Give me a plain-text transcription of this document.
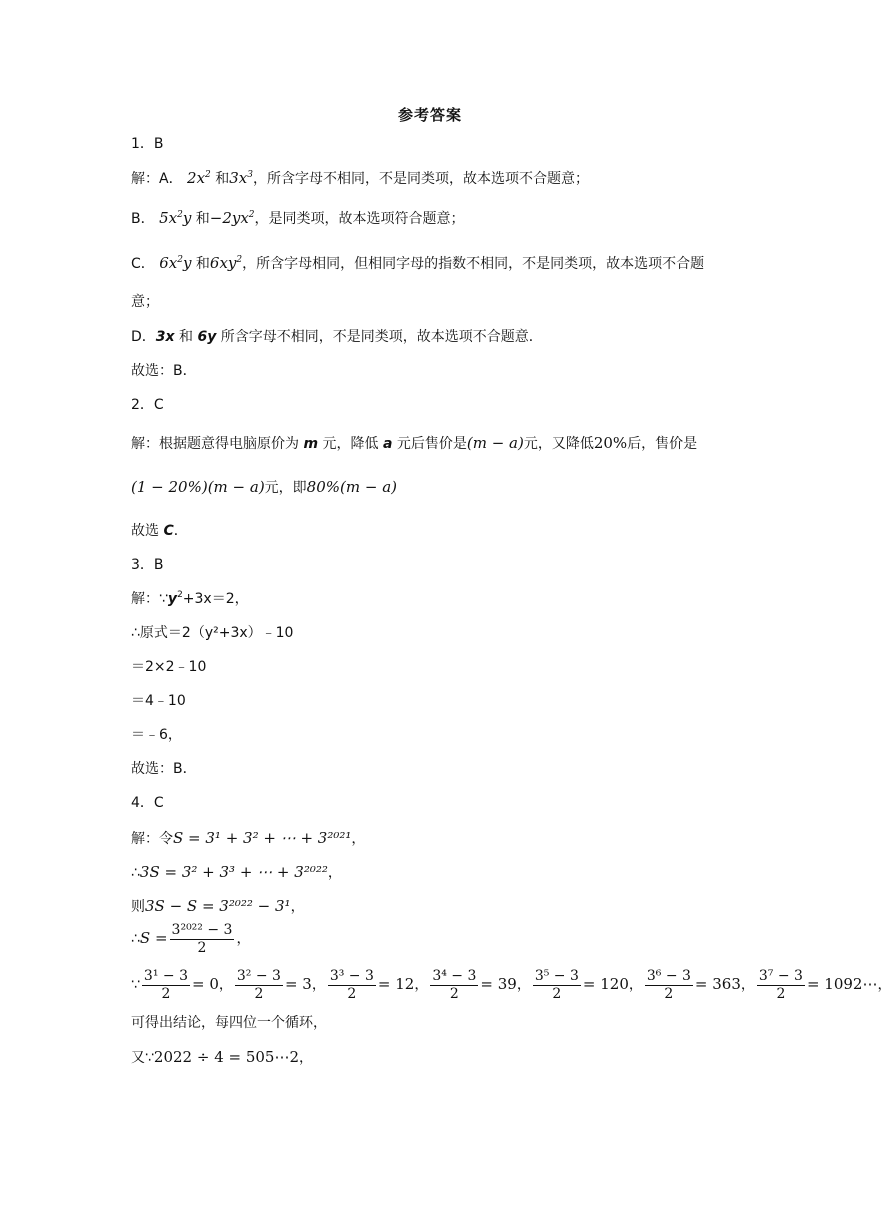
参考答案
1．B
解：A． $2x^2$ 和$3x^3$，所含字母不相同，不是同类项，故本选项不合题意；
B． $5x^2y$ 和$-2yx^2$，是同类项，故本选项符合题意；
C． $6x^2y$ 和$6xy^2$，所含字母相同，但相同字母的指数不相同，不是同类项，故本选项不合题
意；
D．3x 和 6y 所含字母不相同，不是同类项，故本选项不合题意．
故选：B．
2．C
解：根据题意得电脑原价为 m 元，降低 a 元后售价是(m − a)元，又降低20%后，售价是
(1 − 20%)(m − a)元，即80%(m − a)
故选 C．
3．B
解：$\because y^2+3x=2$，
∴原式＝2（y²+3x）﹣10
＝2×2﹣10
＝4﹣10
＝﹣6，
故选：B．
4．C
解：令S = 3¹ + 3² + ⋯ + 3²⁰²¹，
∴3S = 3² + 3³ + ⋯ + 3²⁰²²，
则3S − S = 3²⁰²² − 3¹，
∴S = $\frac{\text{3²⁰²² − 3}}{2}$ ，
∵ $\frac{\text{3¹ − 3}}{2} = 0$， $\frac{\text{3² − 3}}{2} = 3$， $\frac{\text{3³ − 3}}{2} = 12$， $\frac{\text{3⁴ − 3}}{2} = 39$， $\frac{\text{3⁵ − 3}}{2} = 120$， $\frac{\text{3⁶ − 3}}{2} = 363$， $\frac{\text{3⁷ − 3}}{2}$ = 1092⋯，
可得出结论，每四位一个循环，
又∵2022 ÷ 4 = 505⋯2，
